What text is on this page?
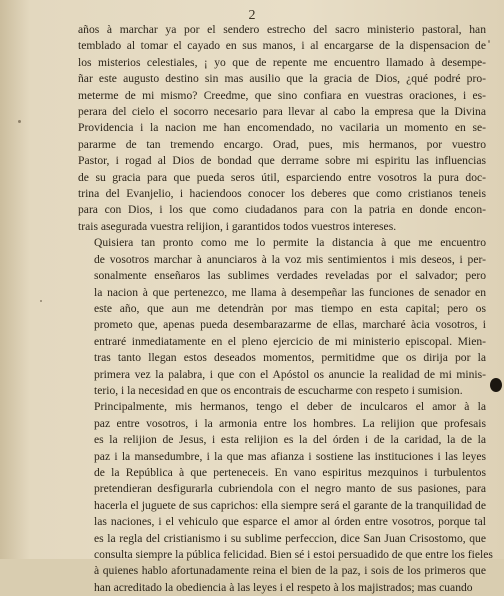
2

años à marchar ya por el sendero estrecho del sacro ministerio pastoral, han
temblado al tomar el cayado en sus manos, i al encargarse de la dispensacion de
los misterios celestiales, ¡ yo que de repente me encuentro llamado à desempe-
ñar este augusto destino sin mas ausilio que la gracia de Dios, ¿qué podré pro-
meterme de mi mismo? Creedme, que sino confiara en vuestras oraciones, i es-
perara del cielo el socorro necesario para llevar al cabo la empresa que la Divina
Providencia i la nacion me han encomendado, no vacilaria un momento en se-
pararme de tan tremendo encargo. Orad, pues, mis hermanos, por vuestro
Pastor, i rogad al Dios de bondad que derrame sobre mi espiritu las influencias
de su gracia para que pueda seros útil, esparciendo entre vosotros la pura doc-
trina del Evanjelio, i haciendoos conocer los deberes que como cristianos teneis
para con Dios, i los que como ciudadanos para con la patria en donde encon-
trais asegurada vuestra relijion, i garantidos todos vuestros intereses.

Quisiera tan pronto como me lo permite la distancia à que me encuentro
de vosotros marchar à anunciaros à la voz mis sentimientos i mis deseos, i per-
sonalmente enseñaros las sublimes verdades reveladas por el salvador; pero
la nacion à que pertenezco, me llama à desempeñar las funciones de senador en
este año, que aun me detendràn por mas tiempo en esta capital; pero os
prometo que, apenas pueda desembarazarme de ellas, marcharé àcia vosotros, i
entraré inmediatamente en el pleno ejercicio de mi ministerio episcopal. Mien-
tras tanto llegan estos deseados momentos, permitidme que os dirija por la
primera vez la palabra, i que con el Apóstol os anuncie la realidad de mi minis-
terio, i la necesidad en que os encontrais de escucharme con respeto i sumision.

Principalmente, mis hermanos, tengo el deber de inculcaros el amor à la
paz entre vosotros, i la armonia entre los hombres. La relijion que profesais
es la relijion de Jesus, i esta relijion es la del órden i de la caridad, la de la
paz i la mansedumbre, i la que mas afianza i sostiene las instituciones i las leyes
de la República à que perteneceis. En vano espiritus mezquinos i turbulentos
pretendieran desfigurarla cubriendola con el negro manto de sus pasiones, para
hacerla el juguete de sus caprichos: ella siempre será el garante de la tranquilidad de
las naciones, i el vehiculo que esparce el amor al órden entre vosotros, porque tal
es la regla del cristianismo i su sublime perfeccion, dice San Juan Crisostomo, que
consulta siempre la pública felicidad. Bien sé i estoi persuadido de que entre los fieles
à quienes hablo afortunadamente reina el bien de la paz, i sois de los primeros que
han acreditado la obediencia à las leyes i el respeto à los majistrados; mas cuando
